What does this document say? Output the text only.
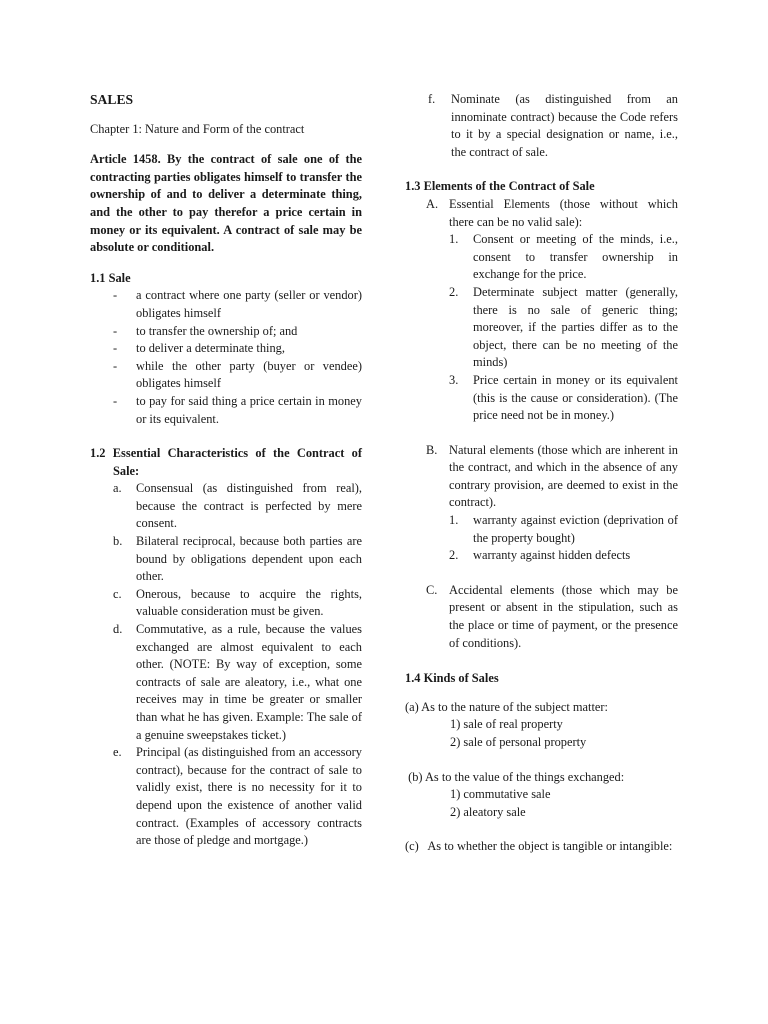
SALES

Chapter 1: Nature and Form of the contract

Article 1458. By the contract of sale one of the contracting parties obligates himself to transfer the ownership of and to deliver a determinate thing, and the other to pay therefor a price certain in money or its equivalent. A contract of sale may be absolute or conditional.

1.1 Sale

-	a contract where one party (seller or vendor) obligates himself
-	to transfer the ownership of; and
-	to deliver a determinate thing,
-	while the other party (buyer or vendee) obligates himself
-	to pay for said thing a price certain in money or its equivalent.

1.2 Essential Characteristics of the Contract of Sale:

a.	Consensual (as distinguished from real), because the contract is perfected by mere consent.
b.	Bilateral reciprocal, because both parties are bound by obligations dependent upon each other.
c.	Onerous, because to acquire the rights, valuable consideration must be given.
d.	Commutative, as a rule, because the values exchanged are almost equivalent to each other. (NOTE: By way of exception, some contracts of sale are aleatory, i.e., what one receives may in time be greater or smaller than what he has given. Example: The sale of a genuine sweepstakes ticket.)
e.	Principal (as distinguished from an accessory contract), because for the contract of sale to validly exist, there is no necessity for it to depend upon the existence of another valid contract. (Examples of accessory contracts are those of pledge and mortgage.)
f.	Nominate (as distinguished from an innominate contract) because the Code refers to it by a special designation or name, i.e., the contract of sale.

1.3 Elements of the Contract of Sale

A. Essential Elements (those without which there can be no valid sale):
1.	Consent or meeting of the minds, i.e., consent to transfer ownership in exchange for the price.
2.	Determinate subject matter (generally, there is no sale of generic thing; moreover, if the parties differ as to the object, there can be no meeting of the minds)
3.	Price certain in money or its equivalent (this is the cause or consideration). (The price need not be in money.)
B. Natural elements (those which are inherent in the contract, and which in the absence of any contrary provision, are deemed to exist in the contract).
1.	warranty against eviction (deprivation of the property bought)
2.	warranty against hidden defects
C. Accidental elements (those which may be present or absent in the stipulation, such as the place or time of payment, or the presence of conditions).

1.4 Kinds of Sales

(a) As to the nature of the subject matter:

1) sale of real property
2) sale of personal property

(b) As to the value of the things exchanged:

1) commutative sale
2) aleatory sale

(c)   As to whether the object is tangible or intangible:
